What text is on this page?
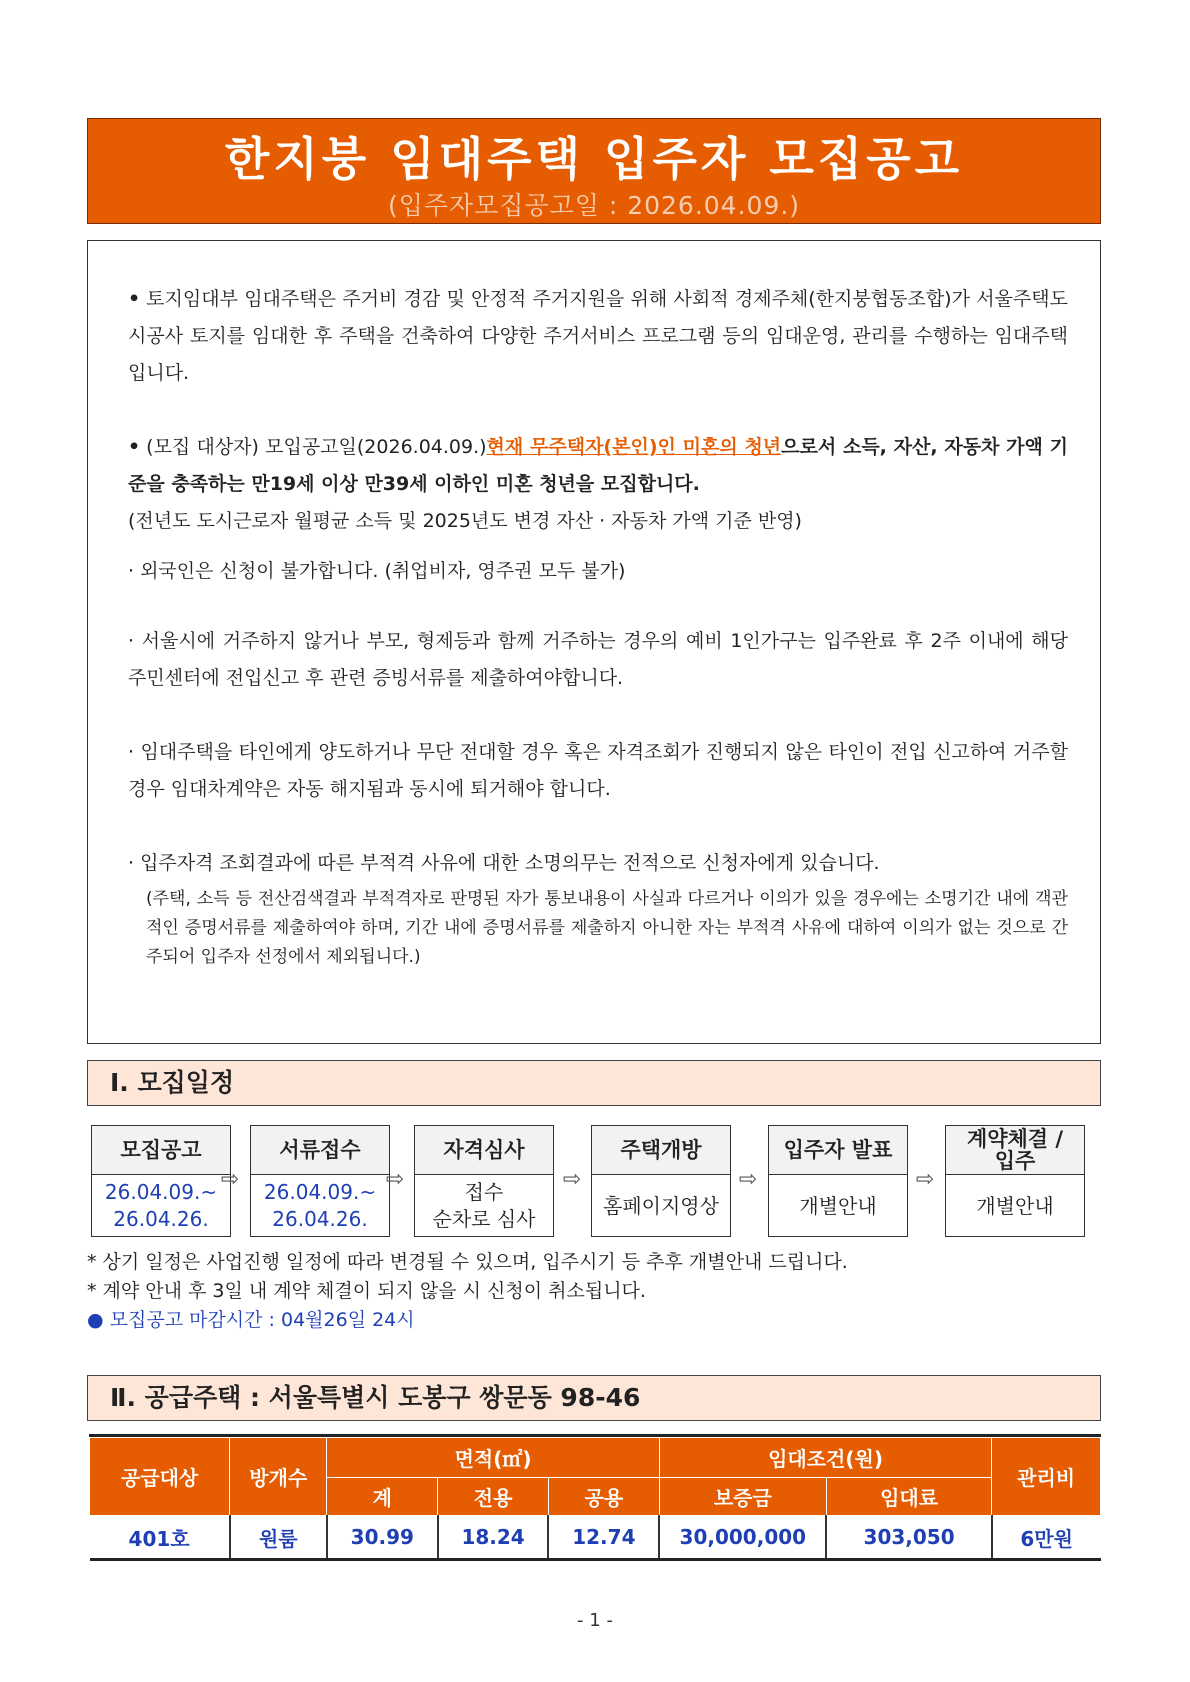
한지붕 임대주택 입주자 모집공고
(입주자모집공고일 : 2026.04.09.)
• 토지임대부 임대주택은 주거비 경감 및 안정적 주거지원을 위해 사회적 경제주체(한지붕협동조합)가 서울주택도시공사 토지를 임대한 후 주택을 건축하여 다양한 주거서비스 프로그램 등의 임대운영, 관리를 수행하는 임대주택입니다.
• (모집 대상자) 모입공고일(2026.04.09.)현재 무주택자(본인)인 미혼의 청년으로서 소득, 자산, 자동차 가액 기준을 충족하는 만19세 이상 만39세 이하인 미혼 청년을 모집합니다.
(전년도 도시근로자 월평균 소득 및 2025년도 변경 자산 · 자동차 가액 기준 반영)
· 외국인은 신청이 불가합니다. (취업비자, 영주권 모두 불가)
· 서울시에 거주하지 않거나 부모, 형제등과 함께 거주하는 경우의 예비 1인가구는 입주완료 후 2주 이내에 해당 주민센터에 전입신고 후 관련 증빙서류를 제출하여야합니다.
· 임대주택을 타인에게 양도하거나 무단 전대할 경우 혹은 자격조회가 진행되지 않은 타인이 전입 신고하여 거주할 경우 임대차계약은 자동 해지됨과 동시에 퇴거해야 합니다.
· 입주자격 조회결과에 따른 부적격 사유에 대한 소명의무는 전적으로 신청자에게 있습니다.
(주택, 소득 등 전산검색결과 부적격자로 판명된 자가 통보내용이 사실과 다르거나 이의가 있을 경우에는 소명기간 내에 객관적인 증명서류를 제출하여야 하며, 기간 내에 증명서류를 제출하지 아니한 자는 부적격 사유에 대하여 이의가 없는 것으로 간주되어 입주자 선정에서 제외됩니다.)
Ⅰ. 모집일정
모집공고
26.04.09.~
26.04.26.
⇨
서류접수
26.04.09.~
26.04.26.
⇨
자격심사
접수
순차로 심사
⇨
주택개방
홈페이지영상
⇨
입주자 발표
개별안내
⇨
계약체결 /
입주
개별안내
* 상기 일정은 사업진행 일정에 따라 변경될 수 있으며, 입주시기 등 추후 개별안내 드립니다.
* 계약 안내 후 3일 내 계약 체결이 되지 않을 시 신청이 취소됩니다.
● 모집공고 마감시간 : 04월26일 24시
Ⅱ. 공급주택 : 서울특별시 도봉구 쌍문동 98-46
공급대상	방개수	면적(㎡)			임대조건(원)		관리비
		계	전용	공용	보증금	임대료	
401호	원룸	30.99	18.24	12.74	30,000,000	303,050	6만원
- 1 -
